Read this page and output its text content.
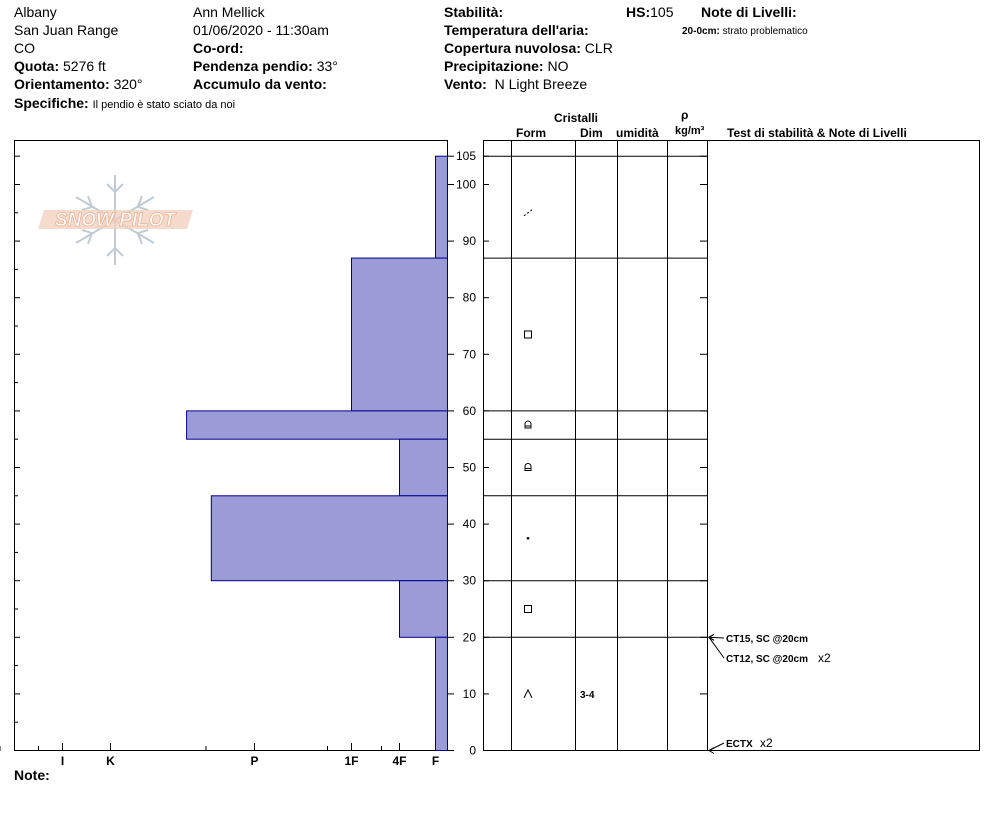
Albany
San Juan Range
CO
Quota: 5276 ft
Orientamento: 320°
Specifiche: Il pendio è stato sciato da noi
Ann Mellick
01/06/2020 - 11:30am
Co-ord:
Pendenza pendio: 33°
Accumulo da vento:
Stabilità:
Temperatura dell'aria:
Copertura nuvolosa: CLR
Precipitazione: NO
Vento: N Light Breeze
HS:105 Note di Livelli:
20-0cm: strato problematico
Cristalli
Form	Dim umidità
ρ
kg/m³ Test di stabilità & Note di Livelli
Note:
SNOW PILOT
0
10
20
30
40
50
60
70
80
90
100
105
I	K	P	1F	4F F
3-4
CT15, SC @20cm
CT12, SC @20cm x2
ECTX x2
